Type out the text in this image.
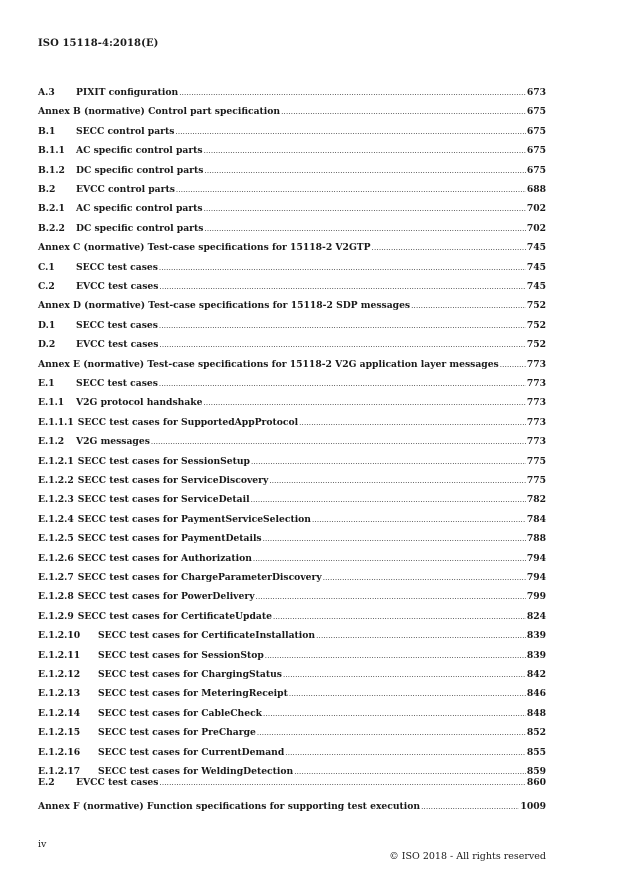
ISO 15118-4:2018(E)
A.3	PIXIT configuration .....	673
Annex B (normative) Control part specification .....	675
B.1	SECC control parts .....	675
B.1.1	AC specific control parts .....	675
B.1.2	DC specific control parts .....	675
B.2	EVCC control parts .....	688
B.2.1	AC specific control parts .....	702
B.2.2	DC specific control parts .....	702
Annex C (normative) Test-case specifications for 15118-2 V2GTP .....	745
C.1	SECC test cases .....	745
C.2	EVCC test cases .....	745
Annex D (normative) Test-case specifications for 15118-2 SDP messages .....	752
D.1	SECC test cases .....	752
D.2	EVCC test cases .....	752
Annex E (normative) Test-case specifications for 15118-2 V2G application layer messages .....	773
E.1	SECC test cases .....	773
E.1.1	V2G protocol handshake .....	773
E.1.1.1 SECC test cases for SupportedAppProtocol .....	773
E.1.2	V2G messages .....	773
E.1.2.1 SECC test cases for SessionSetup .....	775
E.1.2.2 SECC test cases for ServiceDiscovery .....	775
E.1.2.3 SECC test cases for ServiceDetail .....	782
E.1.2.4 SECC test cases for PaymentServiceSelection .....	784
E.1.2.5 SECC test cases for PaymentDetails .....	788
E.1.2.6 SECC test cases for Authorization .....	794
E.1.2.7 SECC test cases for ChargeParameterDiscovery .....	794
E.1.2.8 SECC test cases for PowerDelivery .....	799
E.1.2.9 SECC test cases for CertificateUpdate .....	824
E.1.2.10	SECC test cases for CertificateInstallation .....	839
E.1.2.11	SECC test cases for SessionStop .....	839
E.1.2.12	SECC test cases for ChargingStatus .....	842
E.1.2.13	SECC test cases for MeteringReceipt .....	846
E.1.2.14	SECC test cases for CableCheck .....	848
E.1.2.15	SECC test cases for PreCharge .....	852
E.1.2.16	SECC test cases for CurrentDemand .....	855
E.1.2.17	SECC test cases for WeldingDetection .....	859
E.2	EVCC test cases .....	860
Annex F (normative) Function specifications for supporting test execution .....	1009
iv
© ISO 2018 - All rights reserved
